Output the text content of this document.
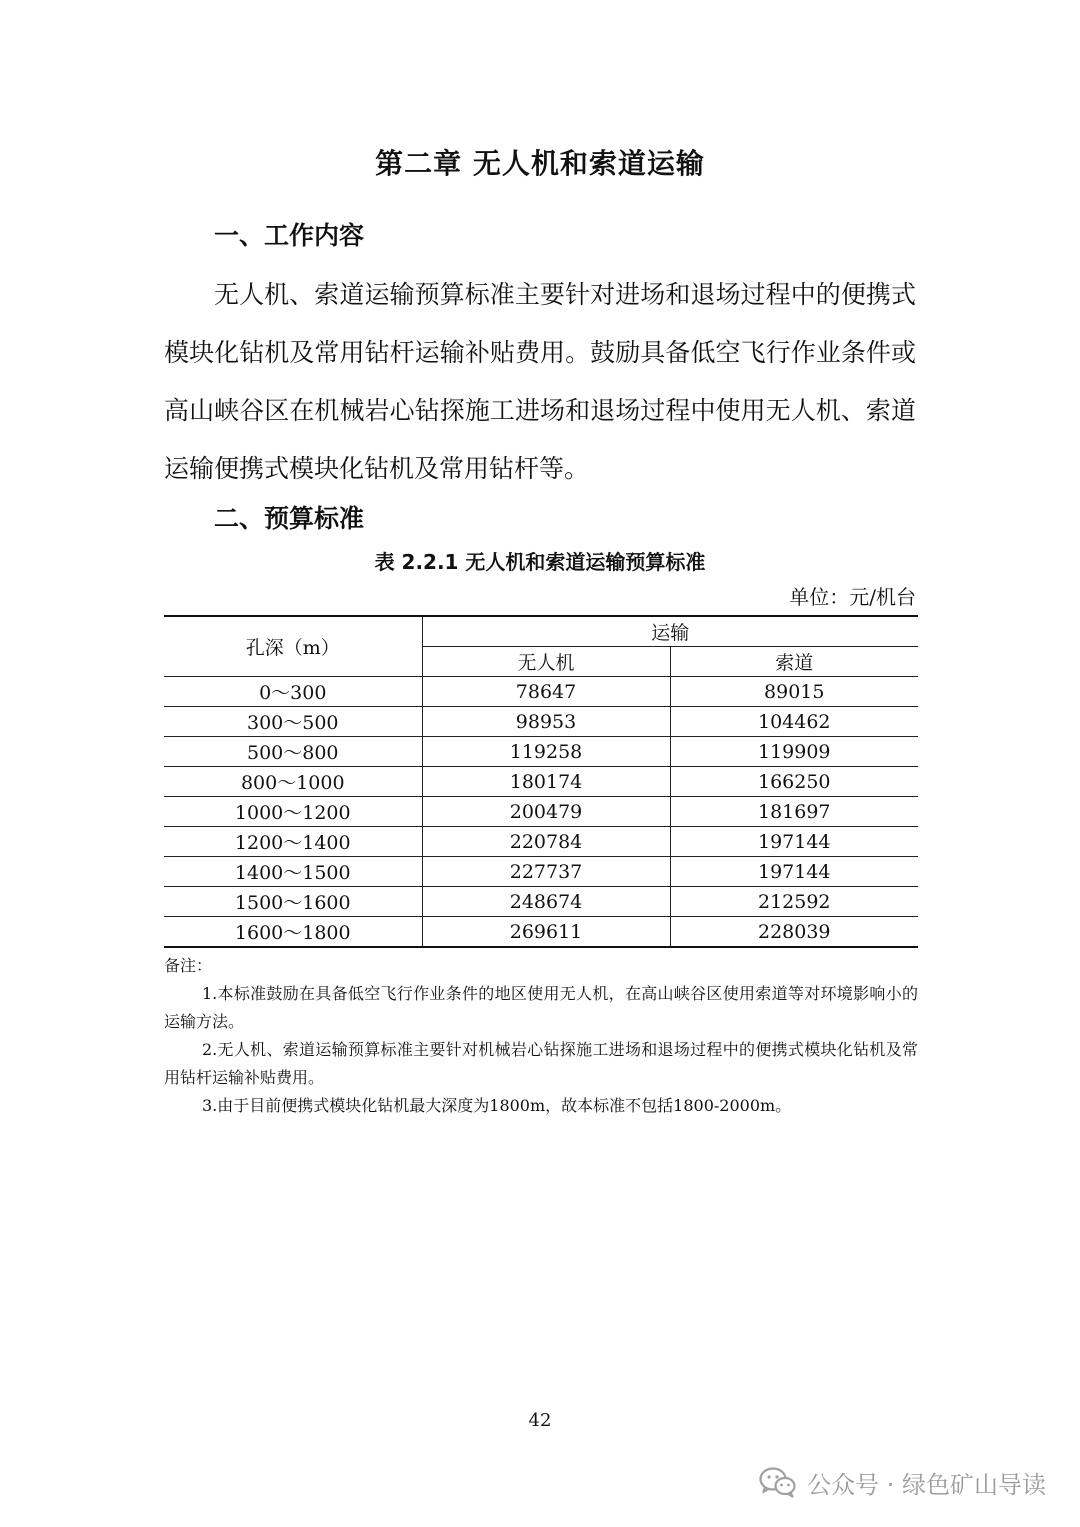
第二章 无人机和索道运输
一、工作内容

无人机、索道运输预算标准主要针对进场和退场过程中的便携式模块化钻机及常用钻杆运输补贴费用。鼓励具备低空飞行作业条件或高山峡谷区在机械岩心钻探施工进场和退场过程中使用无人机、索道运输便携式模块化钻机及常用钻杆等。

二、预算标准
表 2.2.1 无人机和索道运输预算标准
单位：元/机台
孔深（m）	运输	
	无人机	索道
0～300	78647	89015
300～500	98953	104462
500～800	119258	119909
800～1000	180174	166250
1000～1200	200479	181697
1200～1400	220784	197144
1400～1500	227737	197144
1500～1600	248674	212592
1600～1800	269611	228039

备注：

1.本标准鼓励在具备低空飞行作业条件的地区使用无人机，在高山峡谷区使用索道等对环境影响小的运输方法。

2.无人机、索道运输预算标准主要针对机械岩心钻探施工进场和退场过程中的便携式模块化钻机及常用钻杆运输补贴费用。

3.由于目前便携式模块化钻机最大深度为1800m，故本标准不包括1800-2000m。

42
公众号 · 绿色矿山导读
